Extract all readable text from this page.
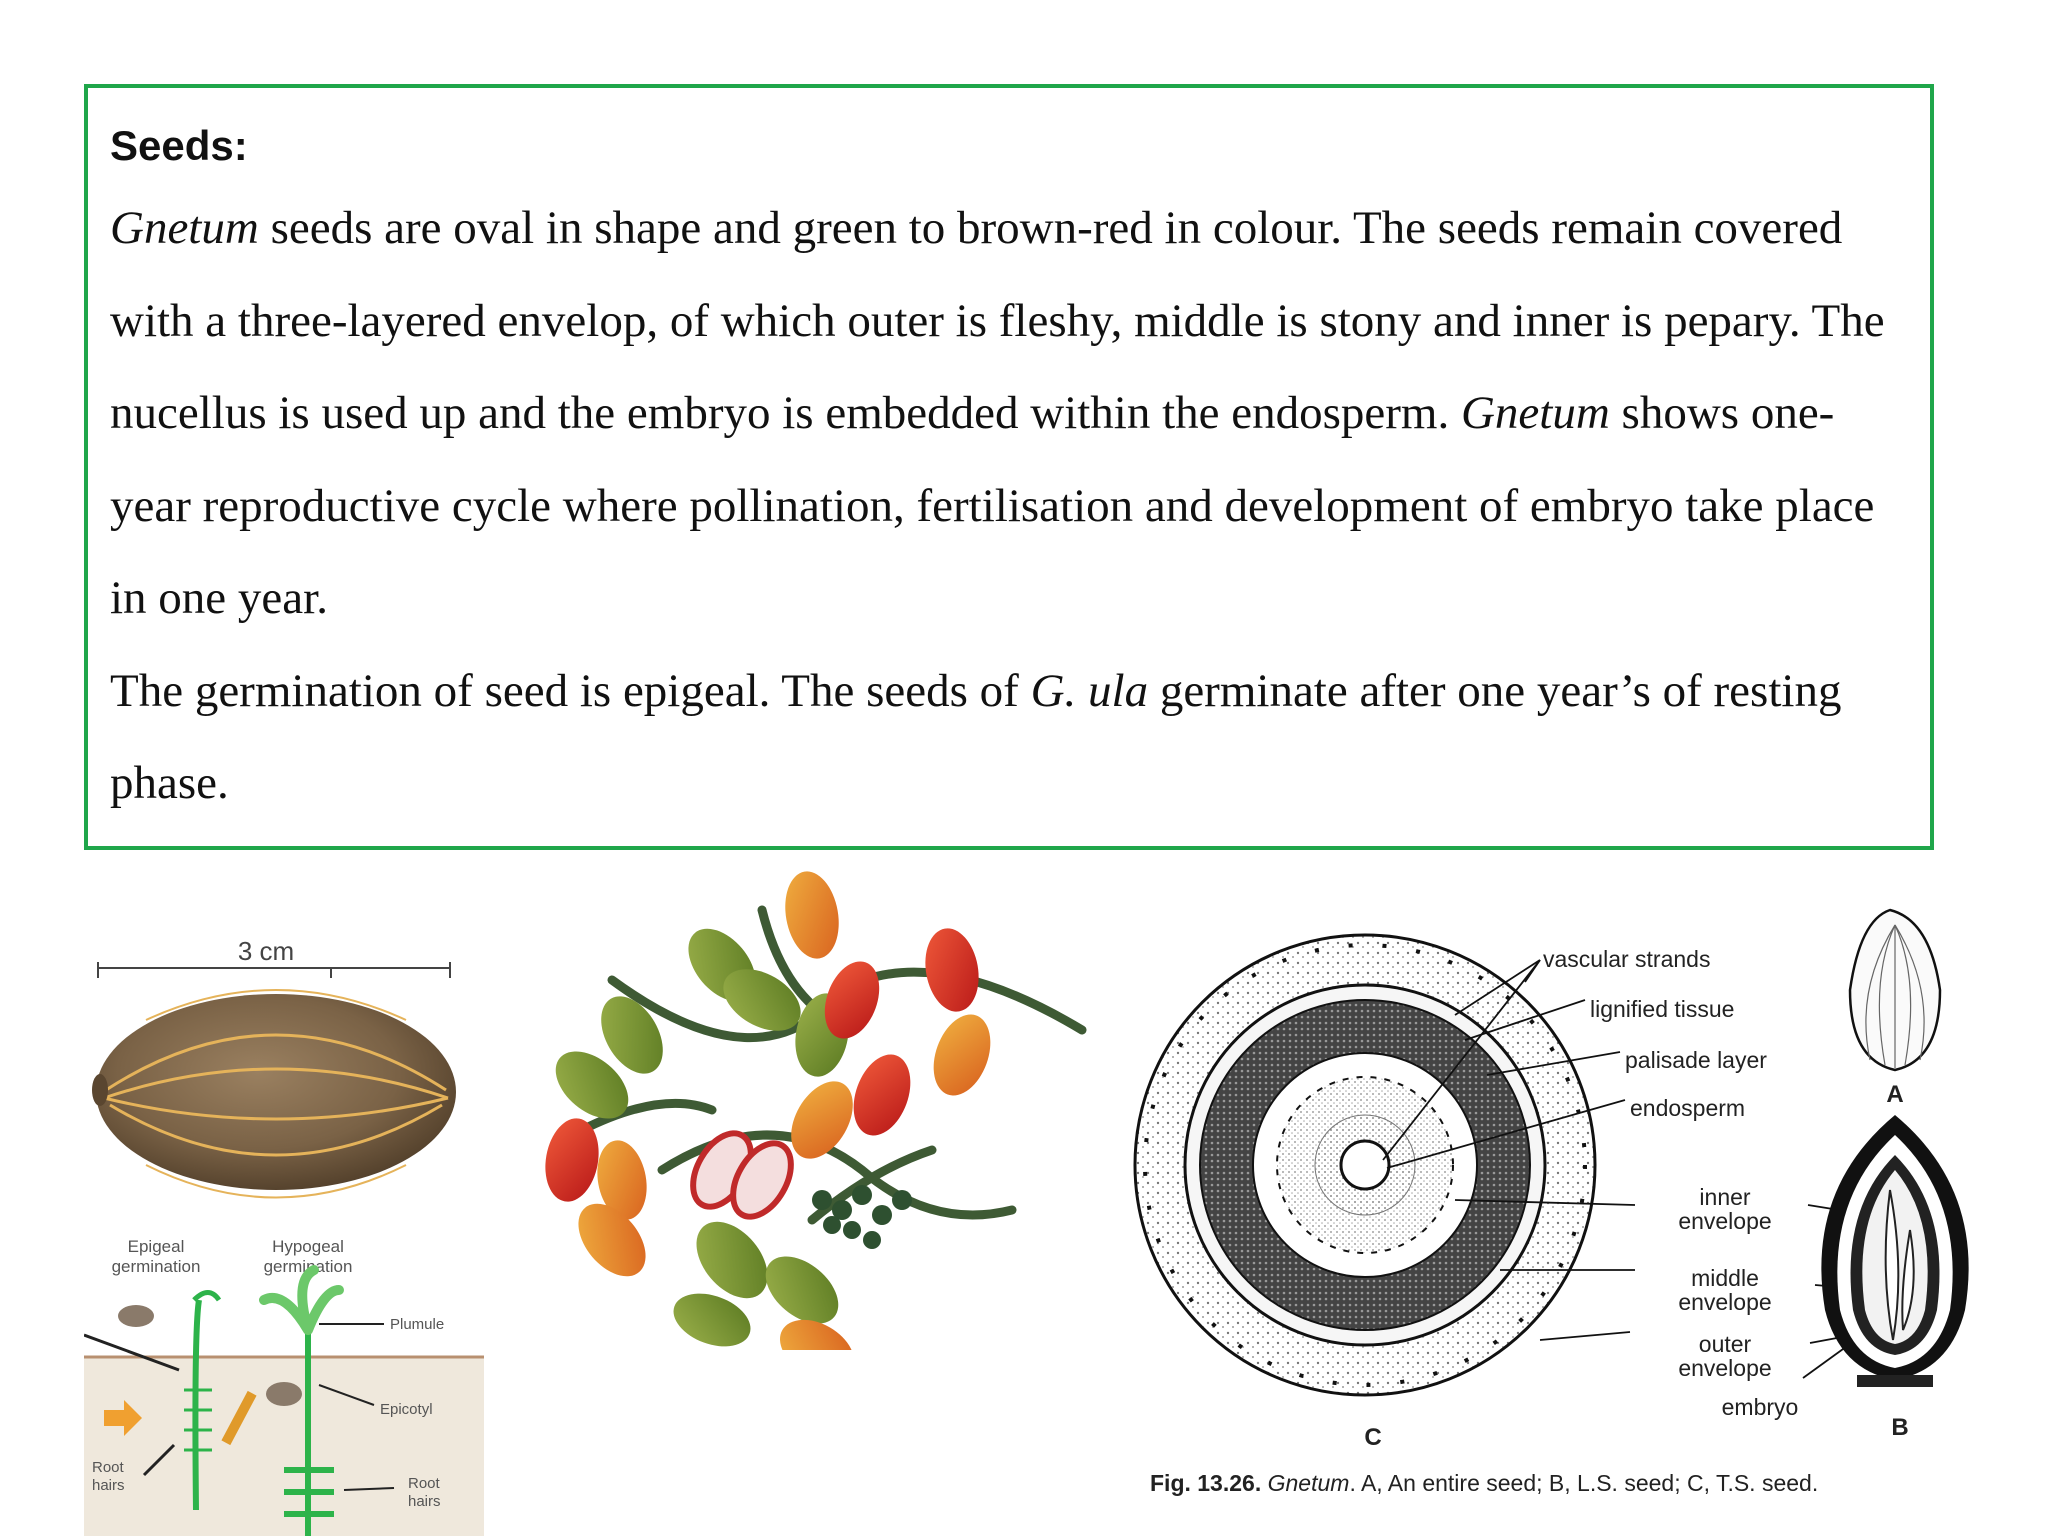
Seeds:

Gnetum seeds are oval in shape and green to brown-red in colour. The seeds remain covered with a three-layered envelop, of which outer is fleshy, middle is stony and inner is pepary. The nucellus is used up and the embryo is embedded within the endosperm. Gnetum shows one-year reproductive cycle where pollination, fertilisation and development of embryo take place in one year.

The germination of seed is epigeal. The seeds of G. ula germinate after one year’s of resting phase.

3 cm
Epigeal
germination
Hypogeal
germination
Plumule
Epicotyl
Root
hairs	Root
hairs
vascular strands
lignified tissue
palisade layer
endosperm
inner
envelope
middle
envelope
outer
envelope
embryo
A
B
C
Fig. 13.26. Gnetum. A, An entire seed; B, L.S. seed; C, T.S. seed.
